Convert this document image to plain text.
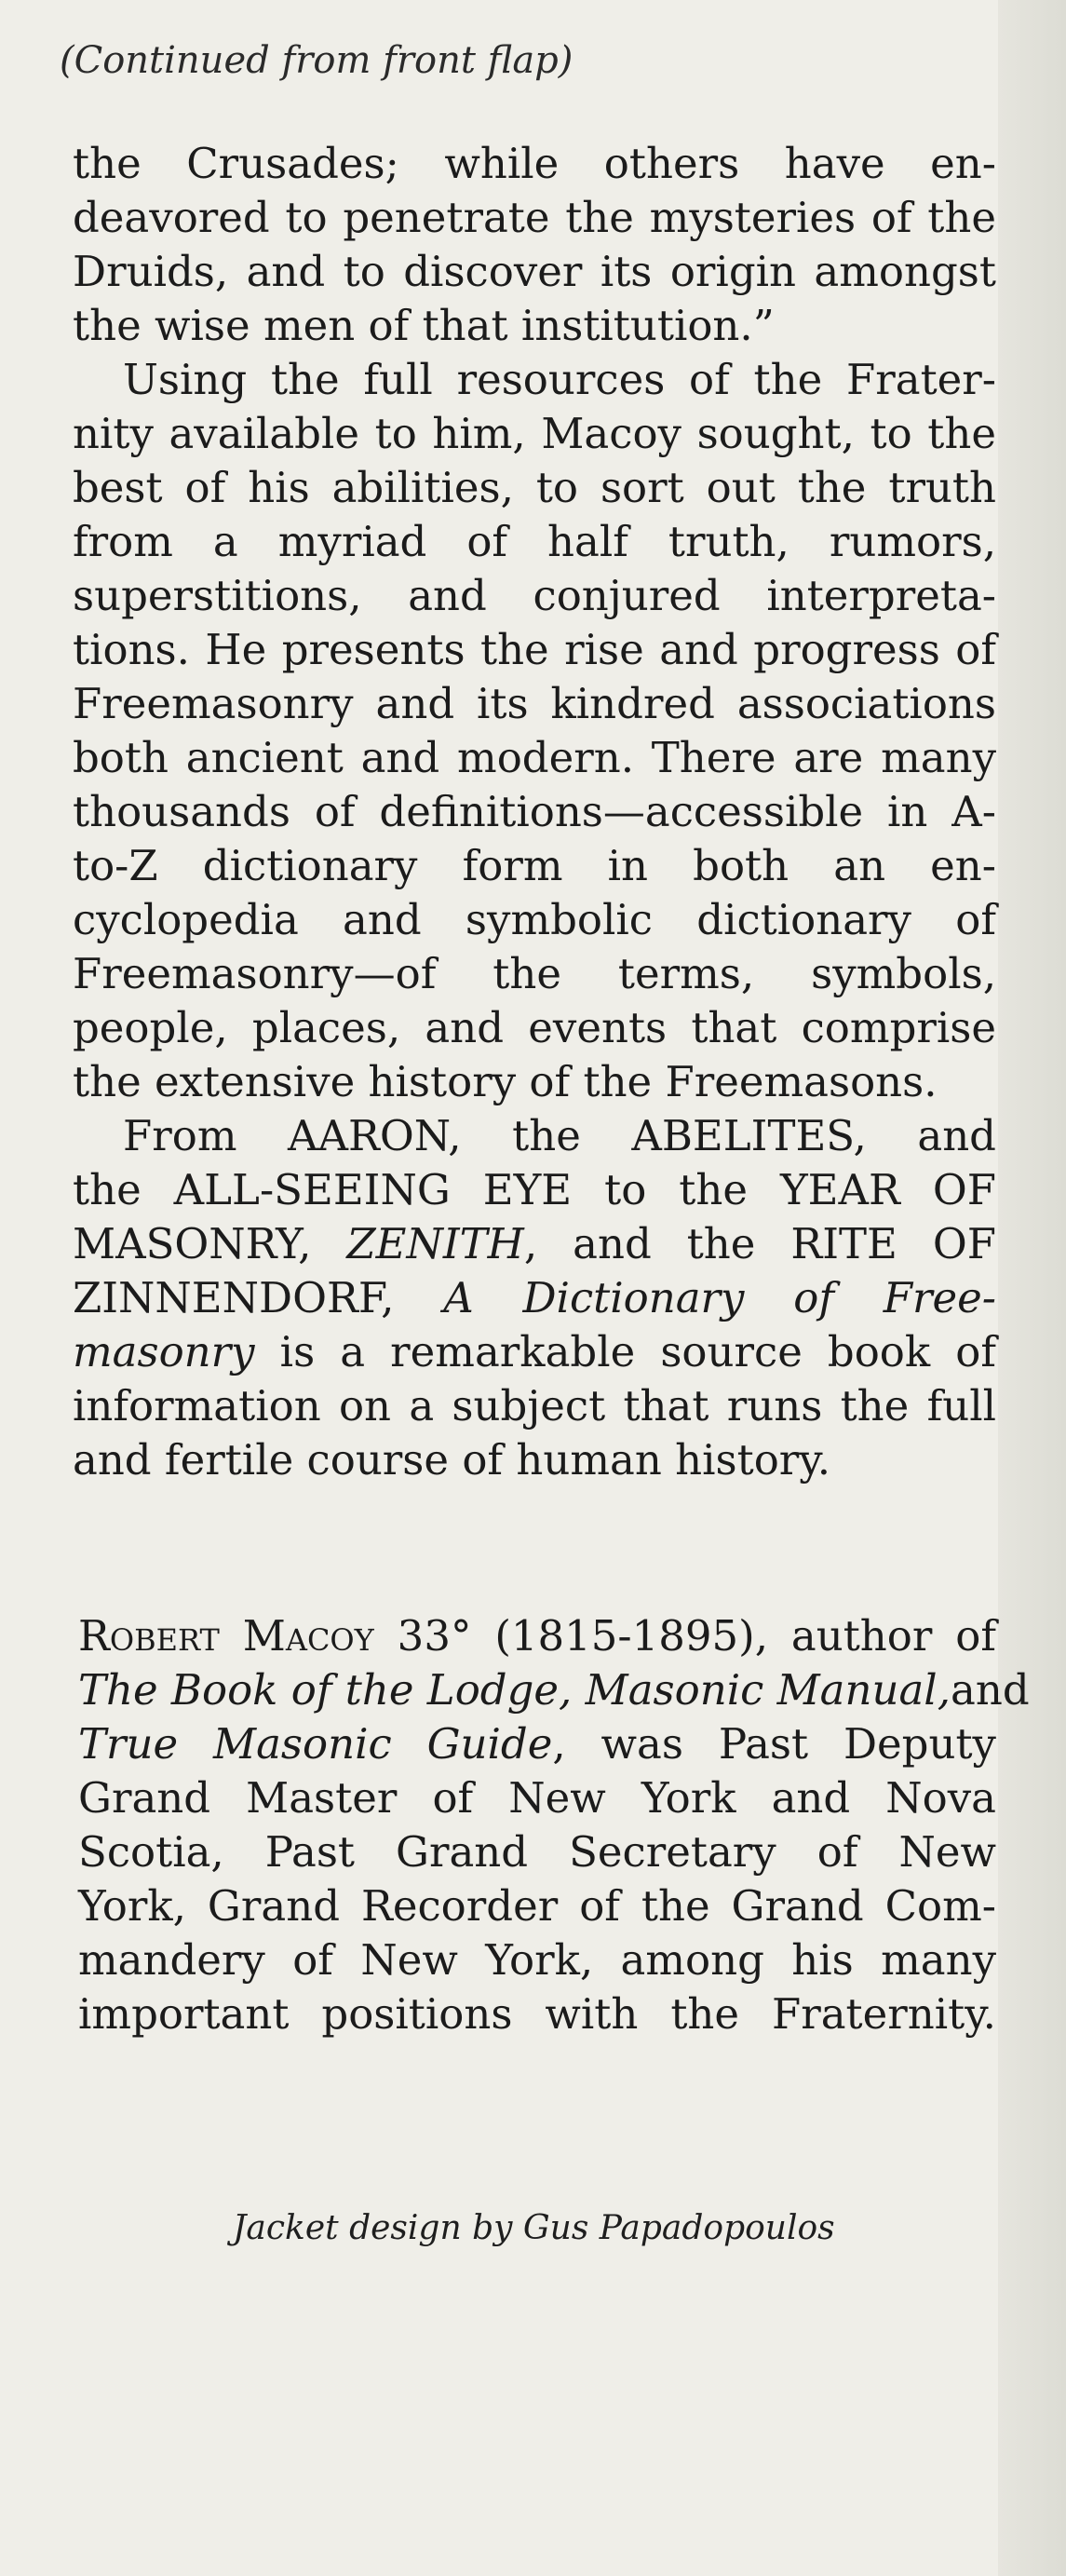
(Continued from front flap)
the Crusades; while others have en-
deavored to penetrate the mysteries of the
Druids, and to discover its origin amongst
the wise men of that institution.”
Using the full resources of the Frater-
nity available to him, Macoy sought, to the
best of his abilities, to sort out the truth
from a myriad of half truth, rumors,
superstitions, and conjured interpreta-
tions. He presents the rise and progress of
Freemasonry and its kindred associations
both ancient and modern. There are many
thousands of definitions—accessible in A-
to-Z dictionary form in both an en-
cyclopedia and symbolic dictionary of
Freemasonry—of the terms, symbols,
people, places, and events that comprise
the extensive history of the Freemasons.
From AARON, the ABELITES, and
the ALL-SEEING EYE to the YEAR OF
MASONRY, ZENITH, and the RITE OF
ZINNENDORF, A Dictionary of Free-
masonry is a remarkable source book of
information on a subject that runs the full
and fertile course of human history.
Robert Macoy 33° (1815-1895), author of
The Book of the Lodge, Masonic Manual,and
True Masonic Guide, was Past Deputy
Grand Master of New York and Nova
Scotia, Past Grand Secretary of New
York, Grand Recorder of the Grand Com-
mandery of New York, among his many
important positions with the Fraternity.
Jacket design by Gus Papadopoulos
